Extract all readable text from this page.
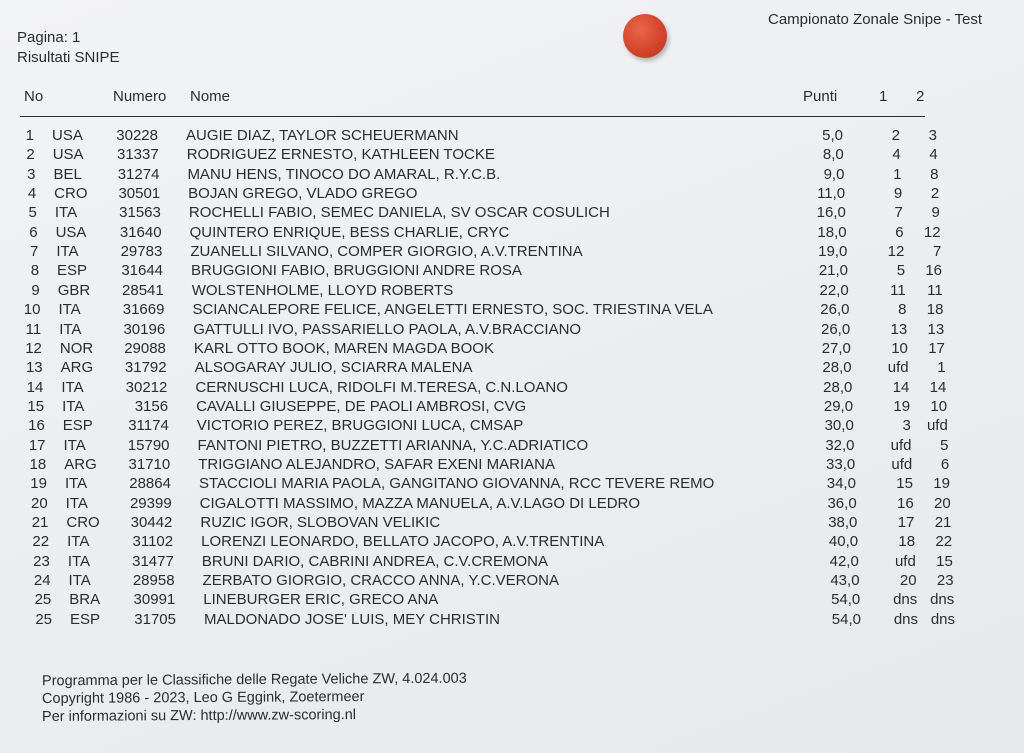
Campionato Zonale Snipe - Test
Pagina: 1
Risultati SNIPE
No	Numero Nome	Punti	1 2
1 USA	30228 AUGIE DIAZ, TAYLOR SCHEUERMANN	5,0	2	3
2 USA	31337 RODRIGUEZ ERNESTO, KATHLEEN TOCKE	8,0	4	4
3 BEL	31274 MANU HENS, TINOCO DO AMARAL, R.Y.C.B.	9,0	1	8
4 CRO	30501 BOJAN GREGO, VLADO GREGO	11,0	9	2
5 ITA	31563 ROCHELLI FABIO, SEMEC DANIELA, SV OSCAR COSULICH	16,0	7	9
6 USA	31640 QUINTERO ENRIQUE, BESS CHARLIE, CRYC	18,0	6	12
7 ITA	29783 ZUANELLI SILVANO, COMPER GIORGIO, A.V.TRENTINA	19,0	12	7
8 ESP	31644 BRUGGIONI FABIO, BRUGGIONI ANDRE ROSA	21,0	5	16
9 GBR	28541 WOLSTENHOLME, LLOYD ROBERTS	22,0	11	11
10 ITA	31669 SCIANCALEPORE FELICE, ANGELETTI ERNESTO, SOC. TRIESTINA VELA	26,0	8	18
11 ITA	30196 GATTULLI IVO, PASSARIELLO PAOLA, A.V.BRACCIANO	26,0	13	13
12 NOR	29088 KARL OTTO BOOK, MAREN MAGDA BOOK	27,0	10	17
13 ARG	31792 ALSOGARAY JULIO, SCIARRA MALENA	28,0	ufd	1
14 ITA	30212 CERNUSCHI LUCA, RIDOLFI M.TERESA, C.N.LOANO	28,0	14	14
15 ITA	3156 CAVALLI GIUSEPPE, DE PAOLI AMBROSI, CVG	29,0	19	10
16 ESP	31174 VICTORIO PEREZ, BRUGGIONI LUCA, CMSAP	30,0	3	ufd
17 ITA	15790 FANTONI PIETRO, BUZZETTI ARIANNA, Y.C.ADRIATICO	32,0	ufd	5
18 ARG	31710 TRIGGIANO ALEJANDRO, SAFAR EXENI MARIANA	33,0	ufd	6
19 ITA	28864 STACCIOLI MARIA PAOLA, GANGITANO GIOVANNA, RCC TEVERE REMO	34,0	15	19
20 ITA	29399 CIGALOTTI MASSIMO, MAZZA MANUELA, A.V.LAGO DI LEDRO	36,0	16	20
21 CRO	30442 RUZIC IGOR, SLOBOVAN VELIKIC	38,0	17	21
22 ITA	31102 LORENZI LEONARDO, BELLATO JACOPO, A.V.TRENTINA	40,0	18	22
23 ITA	31477 BRUNI DARIO, CABRINI ANDREA, C.V.CREMONA	42,0	ufd	15
24 ITA	28958 ZERBATO GIORGIO, CRACCO ANNA, Y.C.VERONA	43,0	20	23
25 BRA	30991 LINEBURGER ERIC, GRECO ANA	54,0	dns dns
25 ESP	31705 MALDONADO JOSE' LUIS, MEY CHRISTIN	54,0	dns dns
Programma per le Classifiche delle Regate Veliche ZW, 4.024.003
Copyright 1986 - 2023, Leo G Eggink, Zoetermeer
Per informazioni su ZW: http://www.zw-scoring.nl
